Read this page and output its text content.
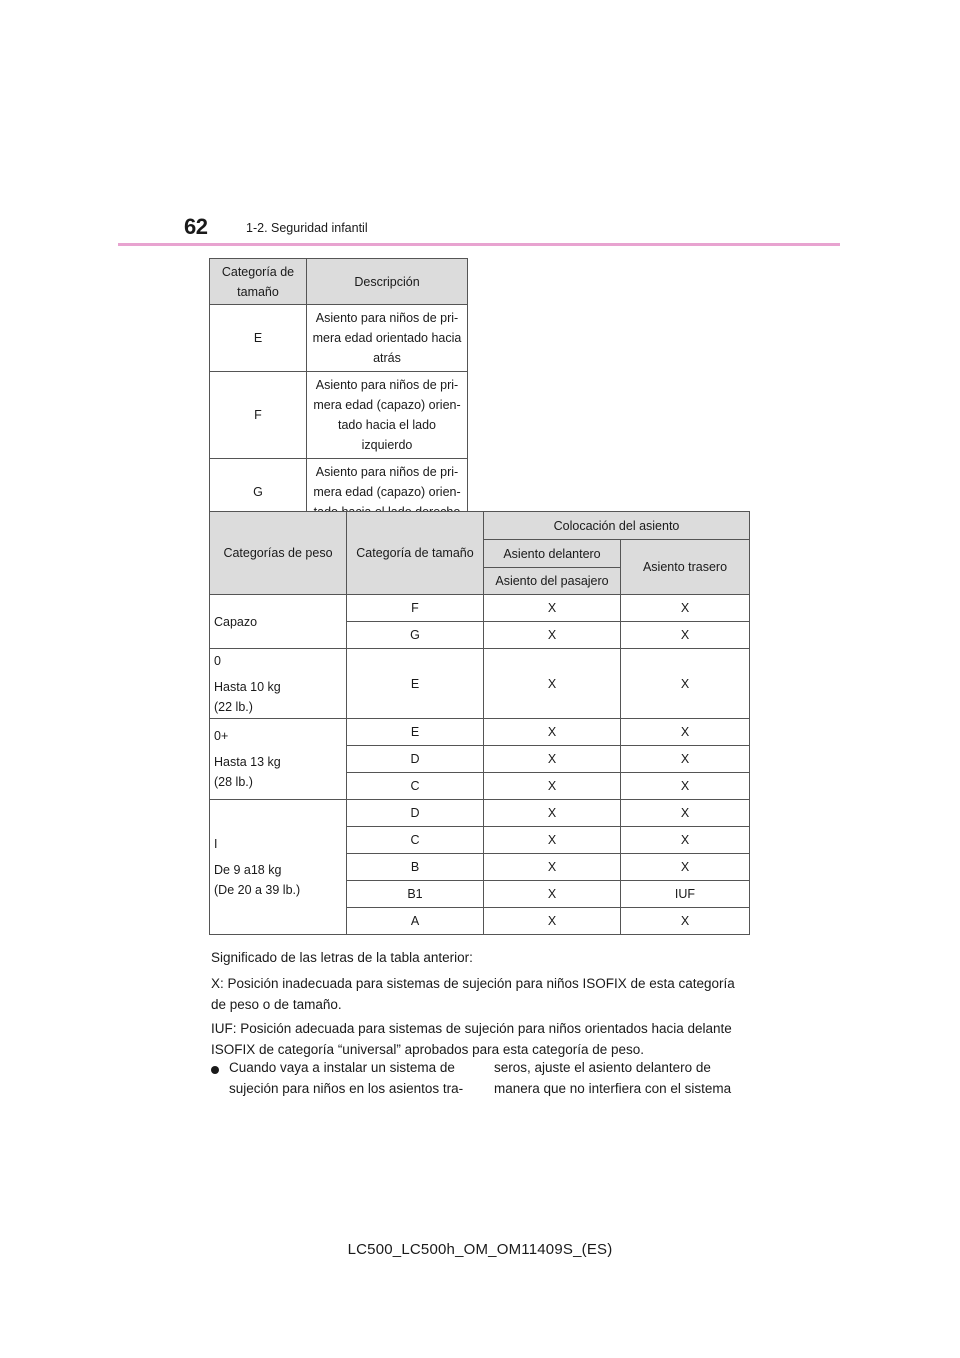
62	1-2. Seguridad infantil
Categoría de tamaño	Descripción
E	Asiento para niños de pri-mera edad orientado hacia atrás
F	Asiento para niños de pri-mera edad (capazo) orien-tado hacia el lado izquierdo
G	Asiento para niños de pri-mera edad (capazo) orien-
Categorías de peso	Categoría de tamaño	Colocación del asiento	
		Asiento delantero	Asiento trasero
		Asiento del pasajero	

Capazo	F	X	X
	G	X	X

0
Hasta 10 kg
(22 lb.)	E	X	X

0+
Hasta 13 kg
(28 lb.)	E	X	X
	D	X	X
	C	X	X

I
De 9 a18 kg
(De 20 a 39 lb.)	D	X	X
	C	X	X
	B	X	X
	B1	X	IUF
	A	X	X
Significado de las letras de la tabla anterior:
X: Posición inadecuada para sistemas de sujeción para niños ISOFIX de esta categoría de peso o de tamaño.
IUF: Posición adecuada para sistemas de sujeción para niños orientados hacia delante ISOFIX de categoría “universal” aprobados para esta categoría de peso.
Cuando vaya a instalar un sistema de sujeción para niños en los asientos tra-
seros, ajuste el asiento delantero de manera que no interfiera con el sistema
LC500_LC500h_OM_OM11409S_(ES)
